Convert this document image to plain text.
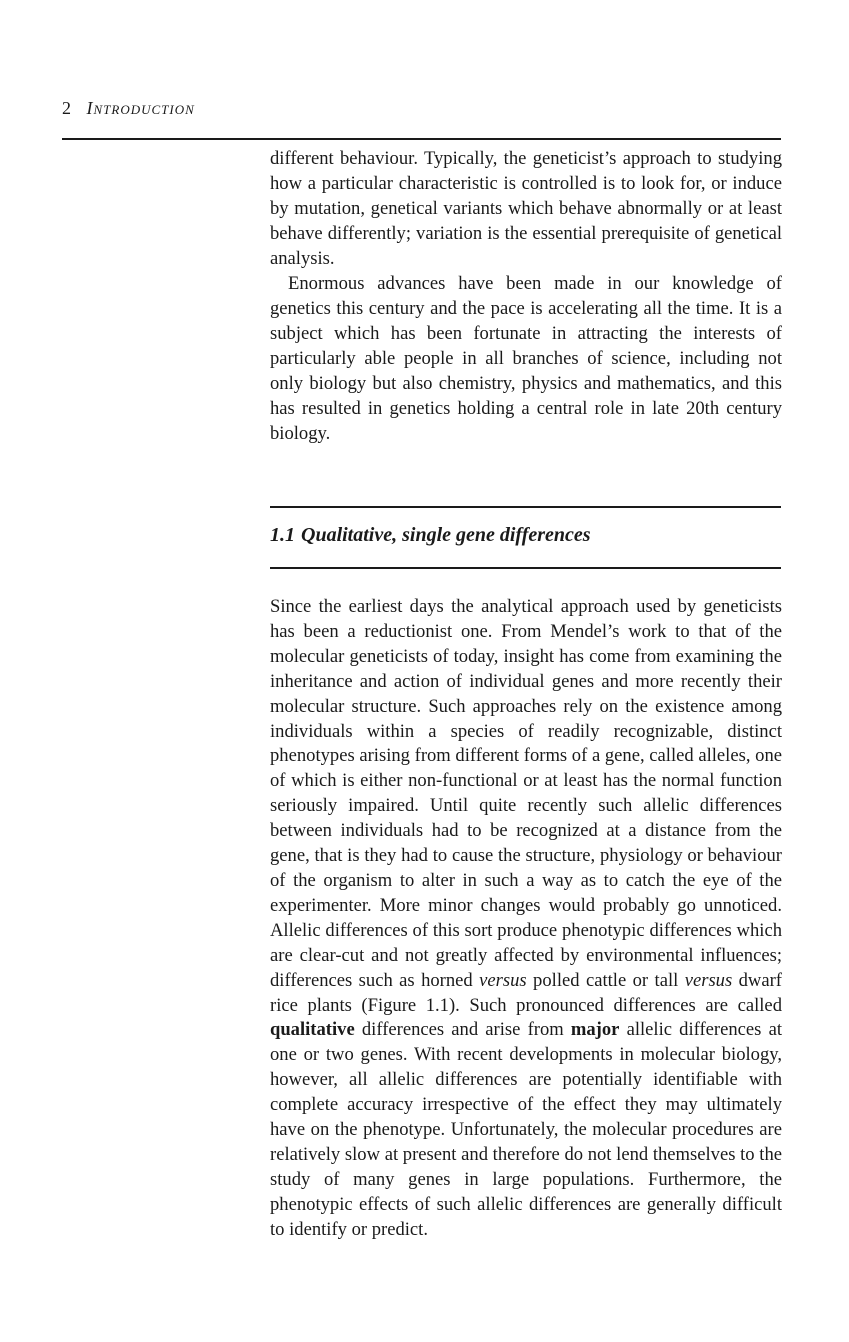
2 Introduction

different behaviour. Typically, the geneticist’s approach to studying how a particular characteristic is controlled is to look for, or induce by mutation, genetical variants which behave abnormally or at least behave differently; variation is the essential prerequisite of genetical analysis.

Enormous advances have been made in our knowledge of genetics this century and the pace is accelerating all the time. It is a subject which has been fortunate in attracting the interests of particularly able people in all branches of science, including not only biology but also chemistry, physics and mathematics, and this has resulted in genetics holding a central role in late 20th century biology.

1.1 Qualitative, single gene differences

Since the earliest days the analytical approach used by geneticists has been a reductionist one. From Mendel’s work to that of the molecular geneticists of today, insight has come from examining the inheritance and action of individual genes and more recently their molecular structure. Such approaches rely on the existence among individuals within a species of readily recognizable, distinct phenotypes arising from different forms of a gene, called alleles, one of which is either non-functional or at least has the normal function seriously impaired. Until quite recently such allelic differences between individuals had to be recognized at a distance from the gene, that is they had to cause the structure, physiology or behaviour of the organism to alter in such a way as to catch the eye of the experimenter. More minor changes would probably go unnoticed. Allelic differences of this sort produce phenotypic differences which are clear-cut and not greatly affected by environmental influences; differences such as horned versus polled cattle or tall versus dwarf rice plants (Figure 1.1). Such pronounced differences are called qualitative differences and arise from major allelic differences at one or two genes. With recent developments in molecular biology, however, all allelic differences are potentially identifiable with complete accuracy irrespective of the effect they may ultimately have on the phenotype. Unfortunately, the molecular procedures are relatively slow at present and therefore do not lend themselves to the study of many genes in large populations. Furthermore, the phenotypic effects of such allelic differences are generally difficult to identify or predict.
